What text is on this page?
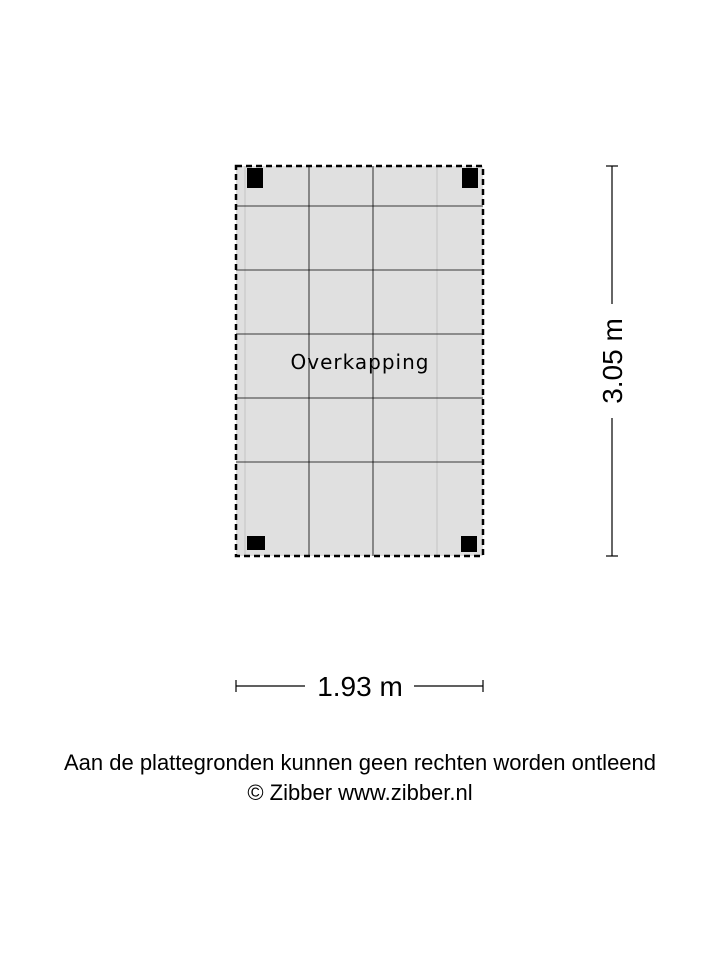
Overkapping	3.05 m
1.93 m
Aan de plattegronden kunnen geen rechten worden ontleend
© Zibber www.zibber.nl
